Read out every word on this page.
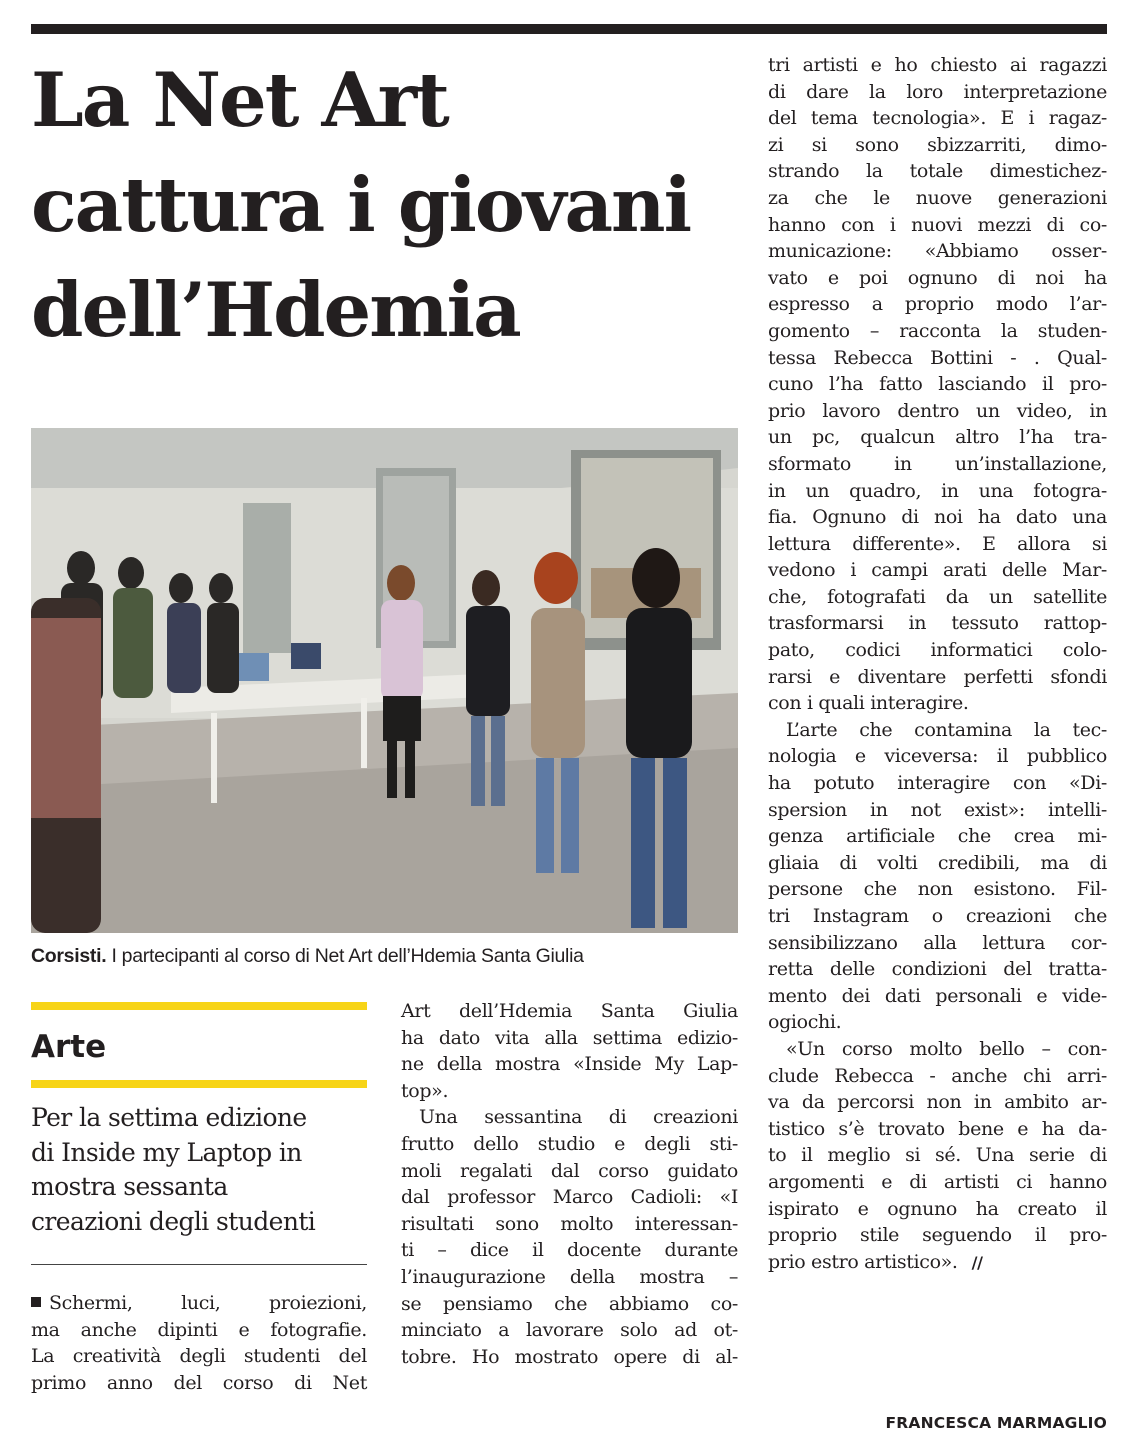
La Net Art
cattura i giovani
dell’Hdemia
Corsisti. I partecipanti al corso di Net Art dell’Hdemia Santa Giulia
Arte
Per la settima edizione
di Inside my Laptop in
mostra sessanta
creazioni degli studenti
Schermi, luci, proiezioni,
ma anche dipinti e fotografie.
La creatività degli studenti del
primo anno del corso di Net
Art dell’Hdemia Santa Giulia
ha dato vita alla settima edizio-
ne della mostra «Inside My Lap-
top».
Una sessantina di creazioni
frutto dello studio e degli sti-
moli regalati dal corso guidato
dal professor Marco Cadioli: «I
risultati sono molto interessan-
ti – dice il docente durante
l’inaugurazione della mostra –
se pensiamo che abbiamo co-
minciato a lavorare solo ad ot-
tobre. Ho mostrato opere di al-
tri artisti e ho chiesto ai ragazzi
di dare la loro interpretazione
del tema tecnologia». E i ragaz-
zi si sono sbizzarriti, dimo-
strando la totale dimestichez-
za che le nuove generazioni
hanno con i nuovi mezzi di co-
municazione: «Abbiamo osser-
vato e poi ognuno di noi ha
espresso a proprio modo l’ar-
gomento – racconta la studen-
tessa Rebecca Bottini - . Qual-
cuno l’ha fatto lasciando il pro-
prio lavoro dentro un video, in
un pc, qualcun altro l’ha tra-
sformato in un’installazione,
in un quadro, in una fotogra-
fia. Ognuno di noi ha dato una
lettura differente». E allora si
vedono i campi arati delle Mar-
che, fotografati da un satellite
trasformarsi in tessuto rattop-
pato, codici informatici colo-
rarsi e diventare perfetti sfondi
con i quali interagire.
L’arte che contamina la tec-
nologia e viceversa: il pubblico
ha potuto interagire con «Di-
spersion in not exist»: intelli-
genza artificiale che crea mi-
gliaia di volti credibili, ma di
persone che non esistono. Fil-
tri Instagram o creazioni che
sensibilizzano alla lettura cor-
retta delle condizioni del tratta-
mento dei dati personali e vide-
ogiochi.
«Un corso molto bello – con-
clude Rebecca - anche chi arri-
va da percorsi non in ambito ar-
tistico s’è trovato bene e ha da-
to il meglio si sé. Una serie di
argomenti e di artisti ci hanno
ispirato e ognuno ha creato il
proprio stile seguendo il pro-
prio estro artistico». //
FRANCESCA MARMAGLIO
